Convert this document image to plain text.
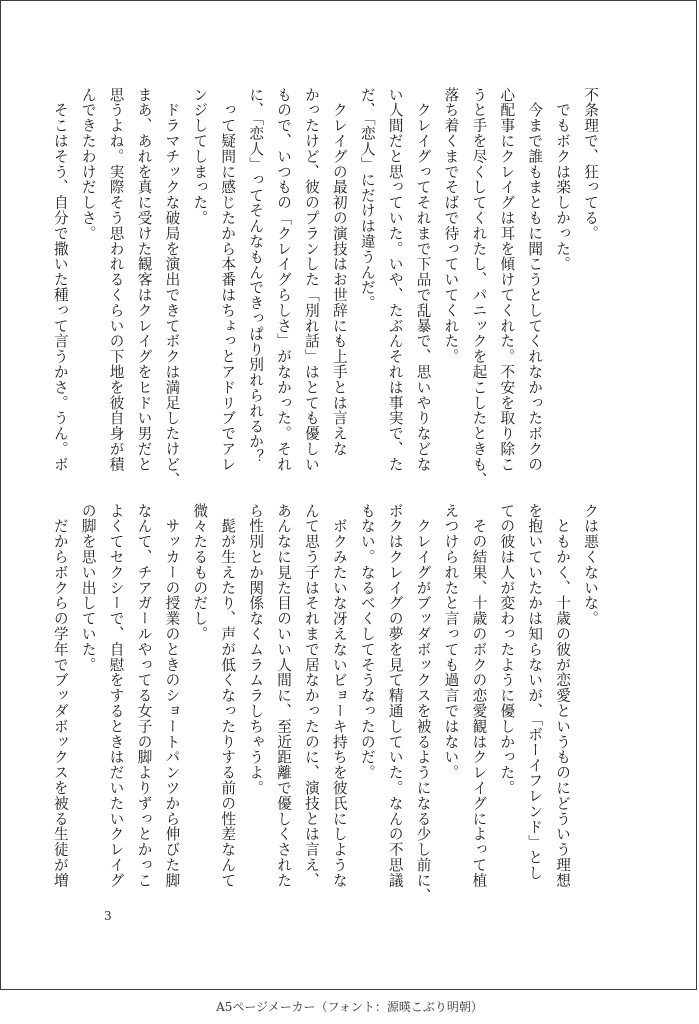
不条理で、狂ってる。
　でもボクは楽しかった。
　今まで誰もまともに聞こうとしてくれなかったボクの
心配事にクレイグは耳を傾けてくれた。不安を取り除こ
うと手を尽くしてくれたし、パニックを起こしたときも、
落ち着くまでそばで待っていてくれた。
　クレイグってそれまで下品で乱暴で、思いやりなどな
い人間だと思っていた。いや、たぶんそれは事実で、た
だ、「恋人」にだけは違うんだ。
　クレイグの最初の演技はお世辞にも上手とは言えな
かったけど、彼のプランした「別れ話」はとても優しい
もので、いつもの「クレイグらしさ」がなかった。それ
に、「恋人」ってそんなもんできっぱり別れられるか？
　って疑問に感じたから本番はちょっとアドリブでアレ
ンジしてしまった。
　ドラマチックな破局を演出できてボクは満足したけど、
まあ、あれを真に受けた観客はクレイグをヒドい男だと
思うよね。実際そう思われるくらいの下地を彼自身が積
んできたわけだしさ。
　そこはそう、自分で撒いた種って言うかさ。うん。ボ
クは悪くないな。
　ともかく、十歳の彼が恋愛というものにどういう理想
を抱いていたかは知らないが、「ボーイフレンド」とし
ての彼は人が変わったように優しかった。
　その結果、十歳のボクの恋愛観はクレイグによって植
えつけられたと言っても過言ではない。
　クレイグがブッダボックスを被るようになる少し前に、
ボクはクレイグの夢を見て精通していた。なんの不思議
もない。なるべくしてそうなったのだ。
　ボクみたいな冴えないビョーキ持ちを彼氏にしような
んて思う子はそれまで居なかったのに、演技とは言え、
あんなに見た目のいい人間に、至近距離で優しくされた
ら性別とか関係なくムラムラしちゃうよ。
　髭が生えたり、声が低くなったりする前の性差なんて
微々たるものだし。
　サッカーの授業のときのショートパンツから伸びた脚
なんて、チアガールやってる女子の脚よりずっとかっこ
よくてセクシーで、自慰をするときはだいたいクレイグ
の脚を思い出していた。
　だからボクらの学年でブッダボックスを被る生徒が増
3
A5ページメーカー（フォント：源暎こぶり明朝）
